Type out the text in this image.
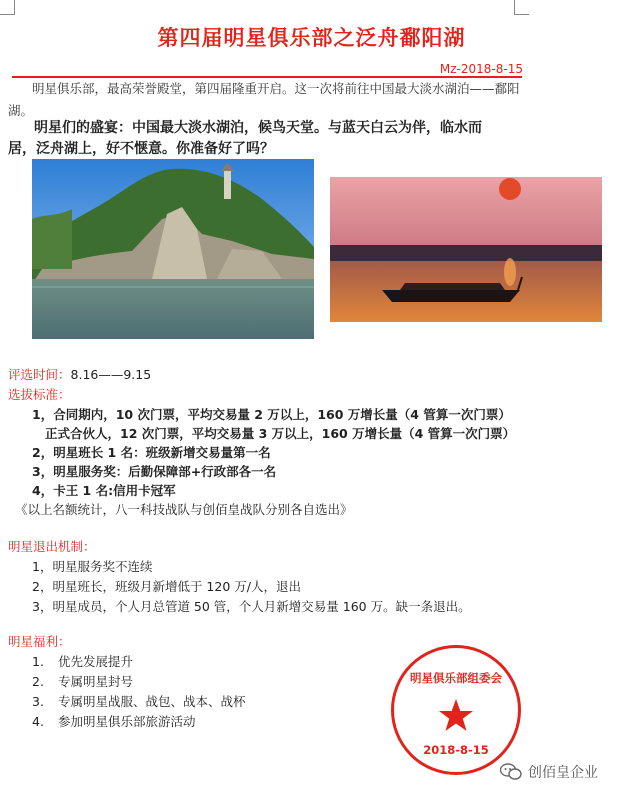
第四届明星俱乐部之泛舟鄱阳湖
Mz-2018-8-15
明星俱乐部，最高荣誉殿堂，第四届隆重开启。这一次将前往中国最大淡水湖泊——鄱阳湖。
明星们的盛宴：中国最大淡水湖泊，候鸟天堂。与蓝天白云为伴，临水而居，泛舟湖上，好不惬意。你准备好了吗？
评选时间：8.16——9.15
选拔标准：
1，合同期内，10 次门票，平均交易量 2 万以上，160 万增长量（4 管算一次门票）
正式合伙人，12 次门票，平均交易量 3 万以上，160 万增长量（4 管算一次门票）
2，明星班长 1 名：班级新增交易量第一名
3，明星服务奖：后勤保障部+行政部各一名
4，卡王 1 名:信用卡冠军
《以上名额统计，八一科技战队与创佰皇战队分别各自选出》
明星退出机制：
1，明星服务奖不连续
2，明星班长，班级月新增低于 120 万/人，退出
3，明星成员，个人月总管道 50 管，个人月新增交易量 160 万。缺一条退出。
明星福利：
1. 优先发展提升
2. 专属明星封号
3. 专属明星战服、战包、战本、战杯
4. 参加明星俱乐部旅游活动
明星俱乐部组委会
2018-8-15
创佰皇企业
